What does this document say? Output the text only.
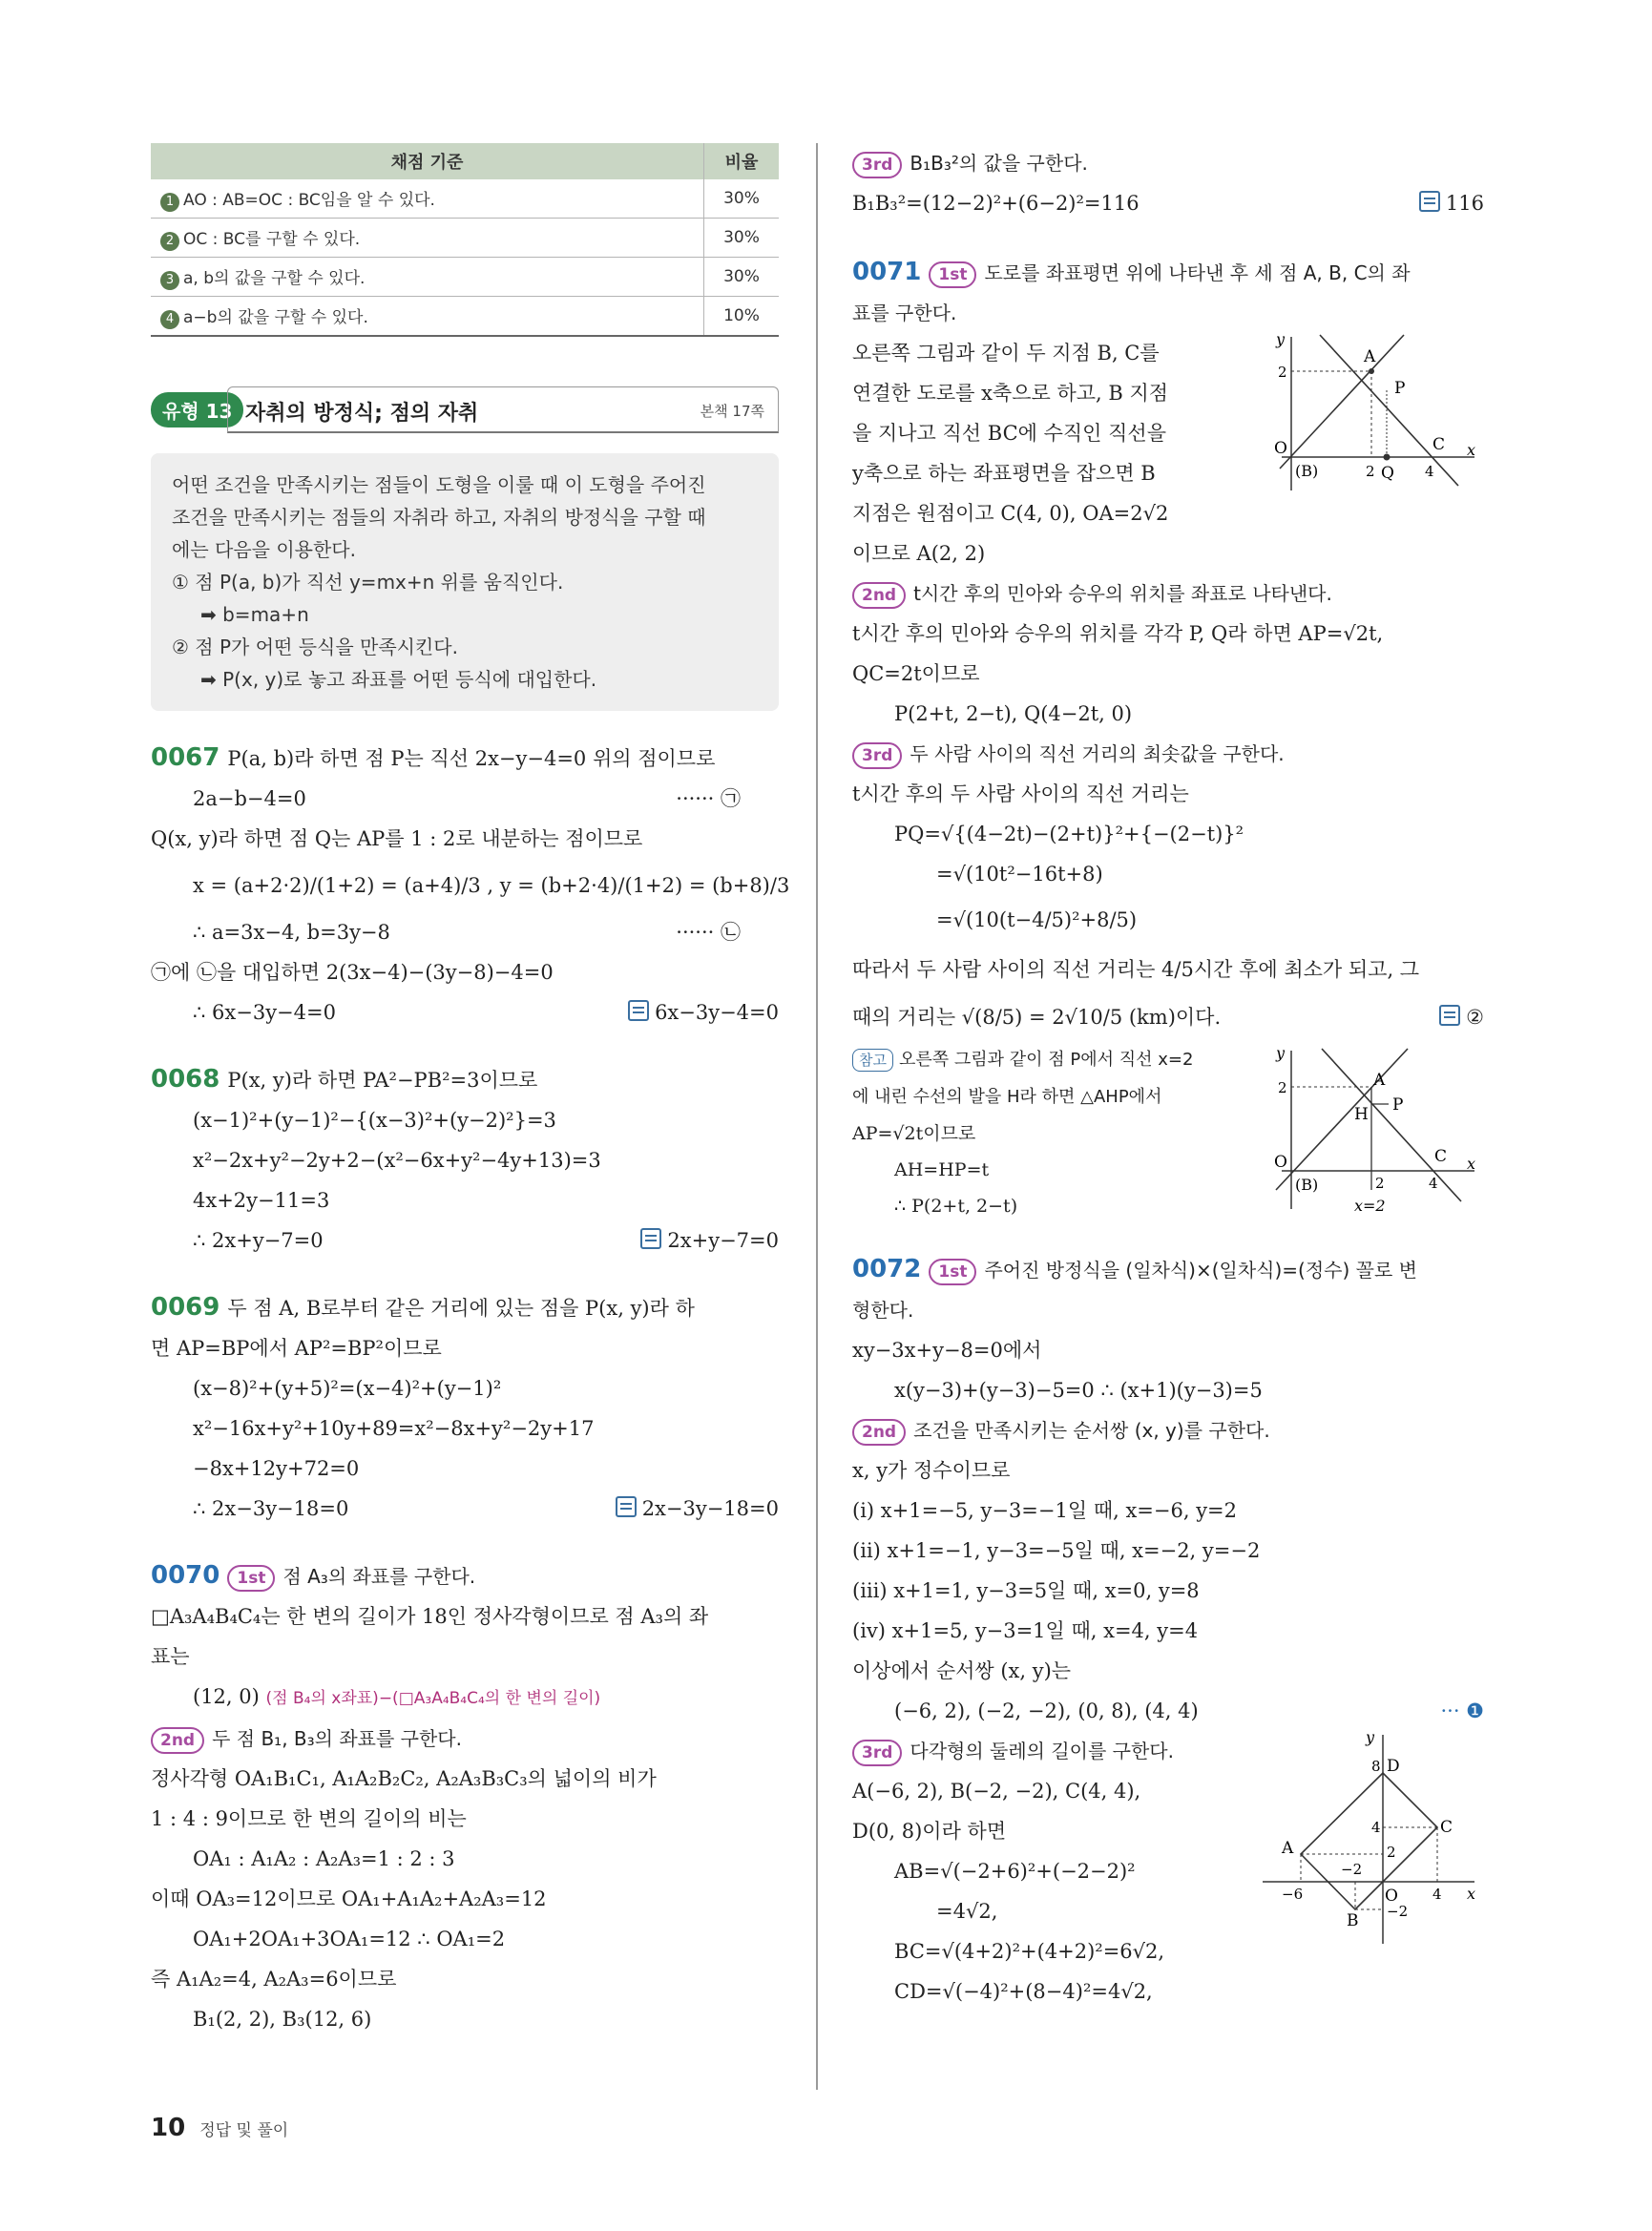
채점 기준	비율
1 AO : AB=OC : BC임을 알 수 있다.	30%
2 OC : BC를 구할 수 있다.	30%
3 a, b의 값을 구할 수 있다.	30%
4 a−b의 값을 구할 수 있다.	10%
유형 13 자취의 방정식; 점의 자취	본책 17쪽
어떤 조건을 만족시키는 점들이 도형을 이룰 때 이 도형을 주어진
조건을 만족시키는 점들의 자취라 하고, 자취의 방정식을 구할 때
에는 다음을 이용한다.
① 점 P(a, b)가 직선 y=mx+n 위를 움직인다.
➡ b=ma+n
② 점 P가 어떤 등식을 만족시킨다.
➡ P(x, y)로 놓고 좌표를 어떤 등식에 대입한다.
0067 P(a, b)라 하면 점 P는 직선 2x−y−4=0 위의 점이므로
2a−b−4=0	······ ㉠
Q(x, y)라 하면 점 Q는 AP를 1 : 2로 내분하는 점이므로
x = (a+2·2)/(1+2) = (a+4)/3 , y = (b+2·4)/(1+2) = (b+8)/3
∴ a=3x−4, b=3y−8	······ ㉡
㉠에 ㉡을 대입하면 2(3x−4)−(3y−8)−4=0
∴ 6x−3y−4=0	6x−3y−4=0
0068 P(x, y)라 하면 PA²−PB²=3이므로
(x−1)²+(y−1)²−{(x−3)²+(y−2)²}=3
x²−2x+y²−2y+2−(x²−6x+y²−4y+13)=3
4x+2y−11=3
∴ 2x+y−7=0	2x+y−7=0
0069 두 점 A, B로부터 같은 거리에 있는 점을 P(x, y)라 하
면 AP=BP에서 AP²=BP²이므로
(x−8)²+(y+5)²=(x−4)²+(y−1)²
x²−16x+y²+10y+89=x²−8x+y²−2y+17
−8x+12y+72=0
∴ 2x−3y−18=0	2x−3y−18=0
0070 1st 점 A₃의 좌표를 구한다.
□A₃A₄B₄C₄는 한 변의 길이가 18인 정사각형이므로 점 A₃의 좌
표는
(12, 0) (점 B₄의 x좌표)−(□A₃A₄B₄C₄의 한 변의 길이)
2nd 두 점 B₁, B₃의 좌표를 구한다.
정사각형 OA₁B₁C₁, A₁A₂B₂C₂, A₂A₃B₃C₃의 넓이의 비가
1 : 4 : 9이므로 한 변의 길이의 비는
OA₁ : A₁A₂ : A₂A₃=1 : 2 : 3
이때 OA₃=12이므로 OA₁+A₁A₂+A₂A₃=12
OA₁+2OA₁+3OA₁=12 ∴ OA₁=2
즉 A₁A₂=4, A₂A₃=6이므로
B₁(2, 2), B₃(12, 6)
3rd B₁B₃²의 값을 구한다.
B₁B₃²=(12−2)²+(6−2)²=116	116
0071 1st 도로를 좌표평면 위에 나타낸 후 세 점 A, B, C의 좌
표를 구한다.
오른쪽 그림과 같이 두 지점 B, C를
연결한 도로를 x축으로 하고, B 지점
을 지나고 직선 BC에 수직인 직선을
y축으로 하는 좌표평면을 잡으면 B
지점은 원점이고 C(4, 0), OA=2√2
이므로 A(2, 2)
y
x
A
P
C
O
(B)	Q
2
2	4
2nd t시간 후의 민아와 승우의 위치를 좌표로 나타낸다.
t시간 후의 민아와 승우의 위치를 각각 P, Q라 하면 AP=√2t,
QC=2t이므로
P(2+t, 2−t), Q(4−2t, 0)
3rd 두 사람 사이의 직선 거리의 최솟값을 구한다.
t시간 후의 두 사람 사이의 직선 거리는
PQ=√{(4−2t)−(2+t)}²+{−(2−t)}²
=√(10t²−16t+8)
=√(10(t−4/5)²+8/5)
따라서 두 사람 사이의 직선 거리는 4/5시간 후에 최소가 되고, 그
때의 거리는 √(8/5) = 2√10/5 (km)이다.	②
참고 오른쪽 그림과 같이 점 P에서 직선 x=2
에 내린 수선의 발을 H라 하면 △AHP에서
AP=√2t이므로
AH=HP=t
∴ P(2+t, 2−t)
y
x
A
P
H
C
O
(B)
2
2	4
x=2
0072 1st 주어진 방정식을 (일차식)×(일차식)=(정수) 꼴로 변
형한다.
xy−3x+y−8=0에서
x(y−3)+(y−3)−5=0 ∴ (x+1)(y−3)=5
2nd 조건을 만족시키는 순서쌍 (x, y)를 구한다.
x, y가 정수이므로
(ⅰ) x+1=−5, y−3=−1일 때, x=−6, y=2
(ⅱ) x+1=−1, y−3=−5일 때, x=−2, y=−2
(ⅲ) x+1=1, y−3=5일 때, x=0, y=8
(ⅳ) x+1=5, y−3=1일 때, x=4, y=4
이상에서 순서쌍 (x, y)는
(−6, 2), (−2, −2), (0, 8), (4, 4)	··· ❶
3rd 다각형의 둘레의 길이를 구한다.
A(−6, 2), B(−2, −2), C(4, 4),
D(0, 8)이라 하면
AB=√(−2+6)²+(−2−2)²
=4√2,
BC=√(4+2)²+(4+2)²=6√2,
CD=√(−4)²+(8−4)²=4√2,
y
x
D
C
A
B
O
8
4
2
−2
−6	4
−2
10 정답 및 풀이
